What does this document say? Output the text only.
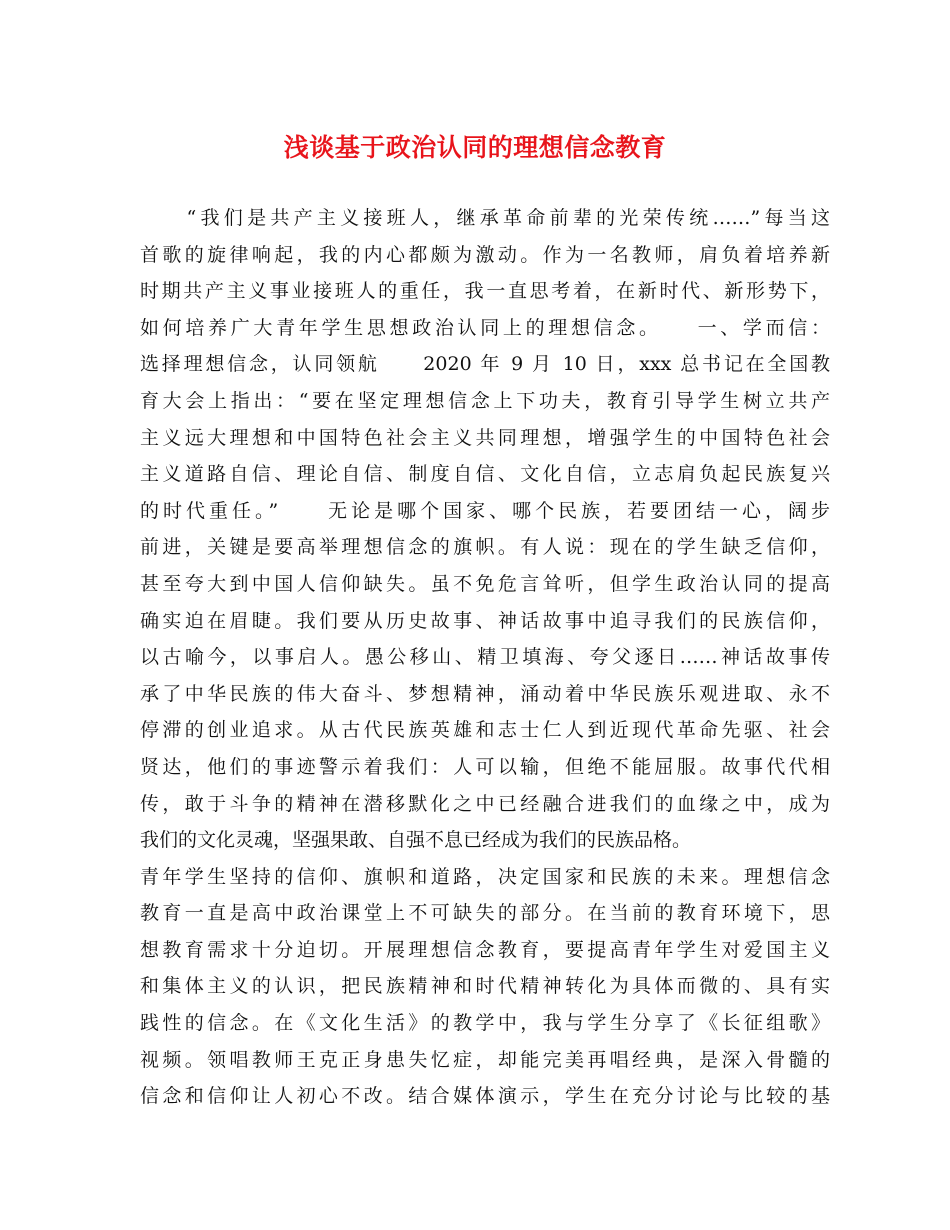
浅谈基于政治认同的理想信念教育
　　“我们是共产主义接班人，继承革命前辈的光荣传统……”每当这
首歌的旋律响起，我的内心都颇为激动。作为一名教师，肩负着培养新
时期共产主义事业接班人的重任，我一直思考着，在新时代、新形势下，
如何培养广大青年学生思想政治认同上的理想信念。　　一、学而信：
选择理想信念，认同领航　　2020 年 9 月 10 日，xxx 总书记在全国教
育大会上指出：“要在坚定理想信念上下功夫，教育引导学生树立共产
主义远大理想和中国特色社会主义共同理想，增强学生的中国特色社会
主义道路自信、理论自信、制度自信、文化自信，立志肩负起民族复兴
的时代重任。”　　无论是哪个国家、哪个民族，若要团结一心，阔步
前进，关键是要高举理想信念的旗帜。有人说：现在的学生缺乏信仰，
甚至夸大到中国人信仰缺失。虽不免危言耸听，但学生政治认同的提高
确实迫在眉睫。我们要从历史故事、神话故事中追寻我们的民族信仰，
以古喻今，以事启人。愚公移山、精卫填海、夸父逐日……神话故事传
承了中华民族的伟大奋斗、梦想精神，涌动着中华民族乐观进取、永不
停滞的创业追求。从古代民族英雄和志士仁人到近现代革命先驱、社会
贤达，他们的事迹警示着我们：人可以输，但绝不能屈服。故事代代相
传，敢于斗争的精神在潜移默化之中已经融合进我们的血缘之中，成为
我们的文化灵魂，坚强果敢、自强不息已经成为我们的民族品格。
青年学生坚持的信仰、旗帜和道路，决定国家和民族的未来。理想信念
教育一直是高中政治课堂上不可缺失的部分。在当前的教育环境下，思
想教育需求十分迫切。开展理想信念教育，要提高青年学生对爱国主义
和集体主义的认识，把民族精神和时代精神转化为具体而微的、具有实
践性的信念。在《文化生活》的教学中，我与学生分享了《长征组歌》
视频。领唱教师王克正身患失忆症，却能完美再唱经典，是深入骨髓的
信念和信仰让人初心不改。结合媒体演示，学生在充分讨论与比较的基
